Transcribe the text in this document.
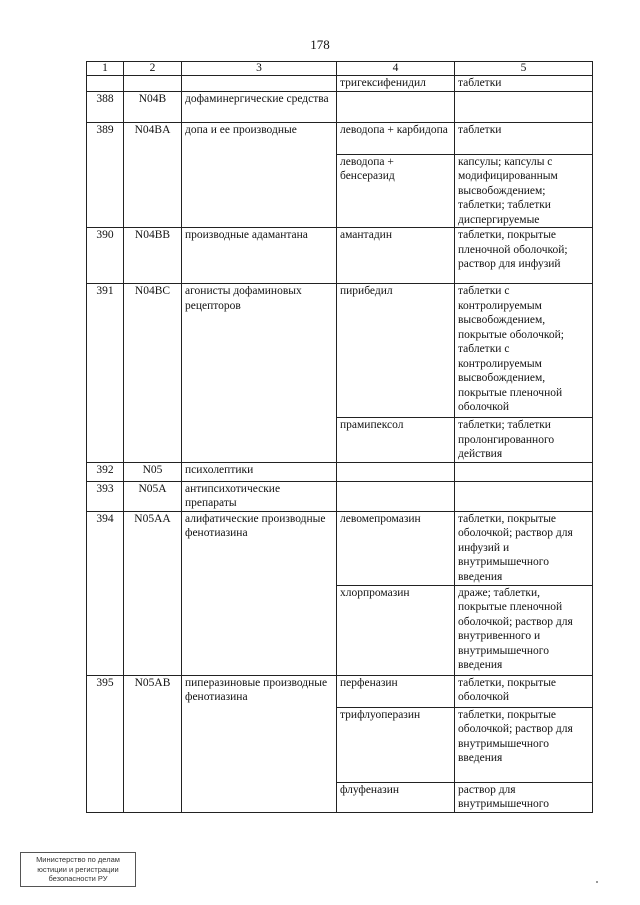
178
1	2	3	4	5
			тригексифенидил	таблетки
388	N04B	дофаминергические средства		
389	N04BA	допа и ее производные	леводопа + карбидопа	таблетки
			леводопа + бенсеразид	капсулы; капсулы с модифицированным высвобождением; таблетки; таблетки диспергируемые
390	N04BB	производные адамантана	амантадин	таблетки, покрытые пленочной оболочкой; раствор для инфузий
391	N04BC	агонисты дофаминовых рецепторов	пирибедил	таблетки с контролируемым высвобождением, покрытые оболочкой; таблетки с контролируемым высвобождением, покрытые пленочной оболочкой
			прамипексол	таблетки; таблетки пролонгированного действия
392	N05	психолептики		
393	N05A	антипсихотические препараты		
394	N05AA	алифатические производные фенотиазина	левомепромазин	таблетки, покрытые оболочкой; раствор для инфузий и внутримышечного введения
			хлорпромазин	драже; таблетки, покрытые пленочной оболочкой; раствор для внутривенного и внутримышечного введения
395	N05AB	пиперазиновые производные фенотиазина	перфеназин	таблетки, покрытые оболочкой
			трифлуоперазин	таблетки, покрытые оболочкой; раствор для внутримышечного введения
			флуфеназин	раствор для внутримышечного
Министерство по делам юстиции и регистрации безопасности РУ
